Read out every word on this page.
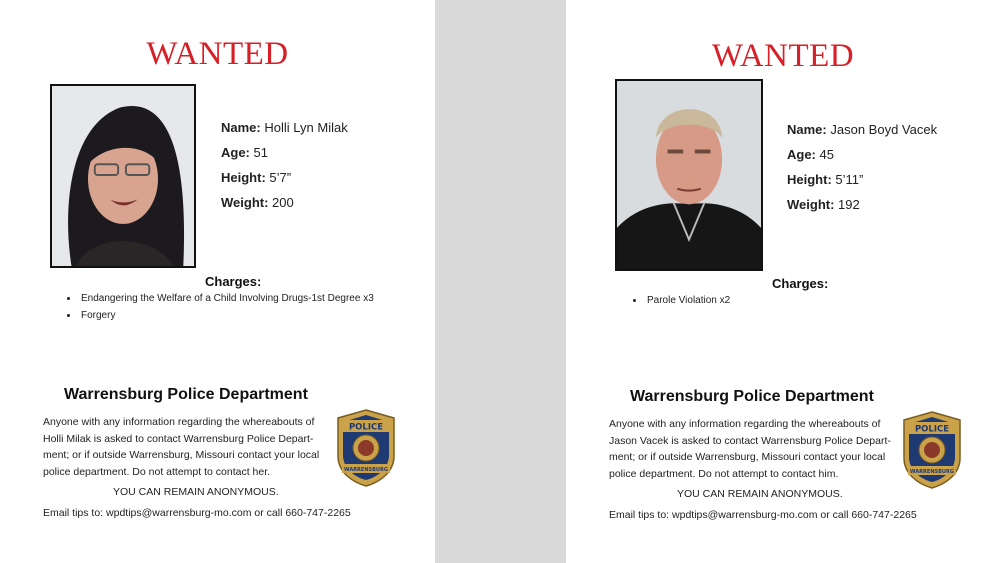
WANTED
Name: Holli Lyn Milak
Age: 51
Height: 5’7”
Weight: 200
Charges:
Endangering the Welfare of a Child Involving Drugs-1st Degree x3
Forgery
Warrensburg Police Department
Anyone with any information regarding the whereabouts of
Holli Milak is asked to contact Warrensburg Police Depart-
ment; or if outside Warrensburg, Missouri contact your local
police department. Do not attempt to contact her.
YOU CAN REMAIN ANONYMOUS.
Email tips to: wpdtips@warrensburg-mo.com or call 660-747-2265
POLICE
WARRENSBURG
WANTED
Name: Jason Boyd Vacek
Age: 45
Height: 5’11”
Weight: 192
Charges:
Parole Violation x2
Warrensburg Police Department
Anyone with any information regarding the whereabouts of
Jason Vacek is asked to contact Warrensburg Police Depart-
ment; or if outside Warrensburg, Missouri contact your local
police department. Do not attempt to contact him.
YOU CAN REMAIN ANONYMOUS.
Email tips to: wpdtips@warrensburg-mo.com or call 660-747-2265
POLICE
WARRENSBURG
